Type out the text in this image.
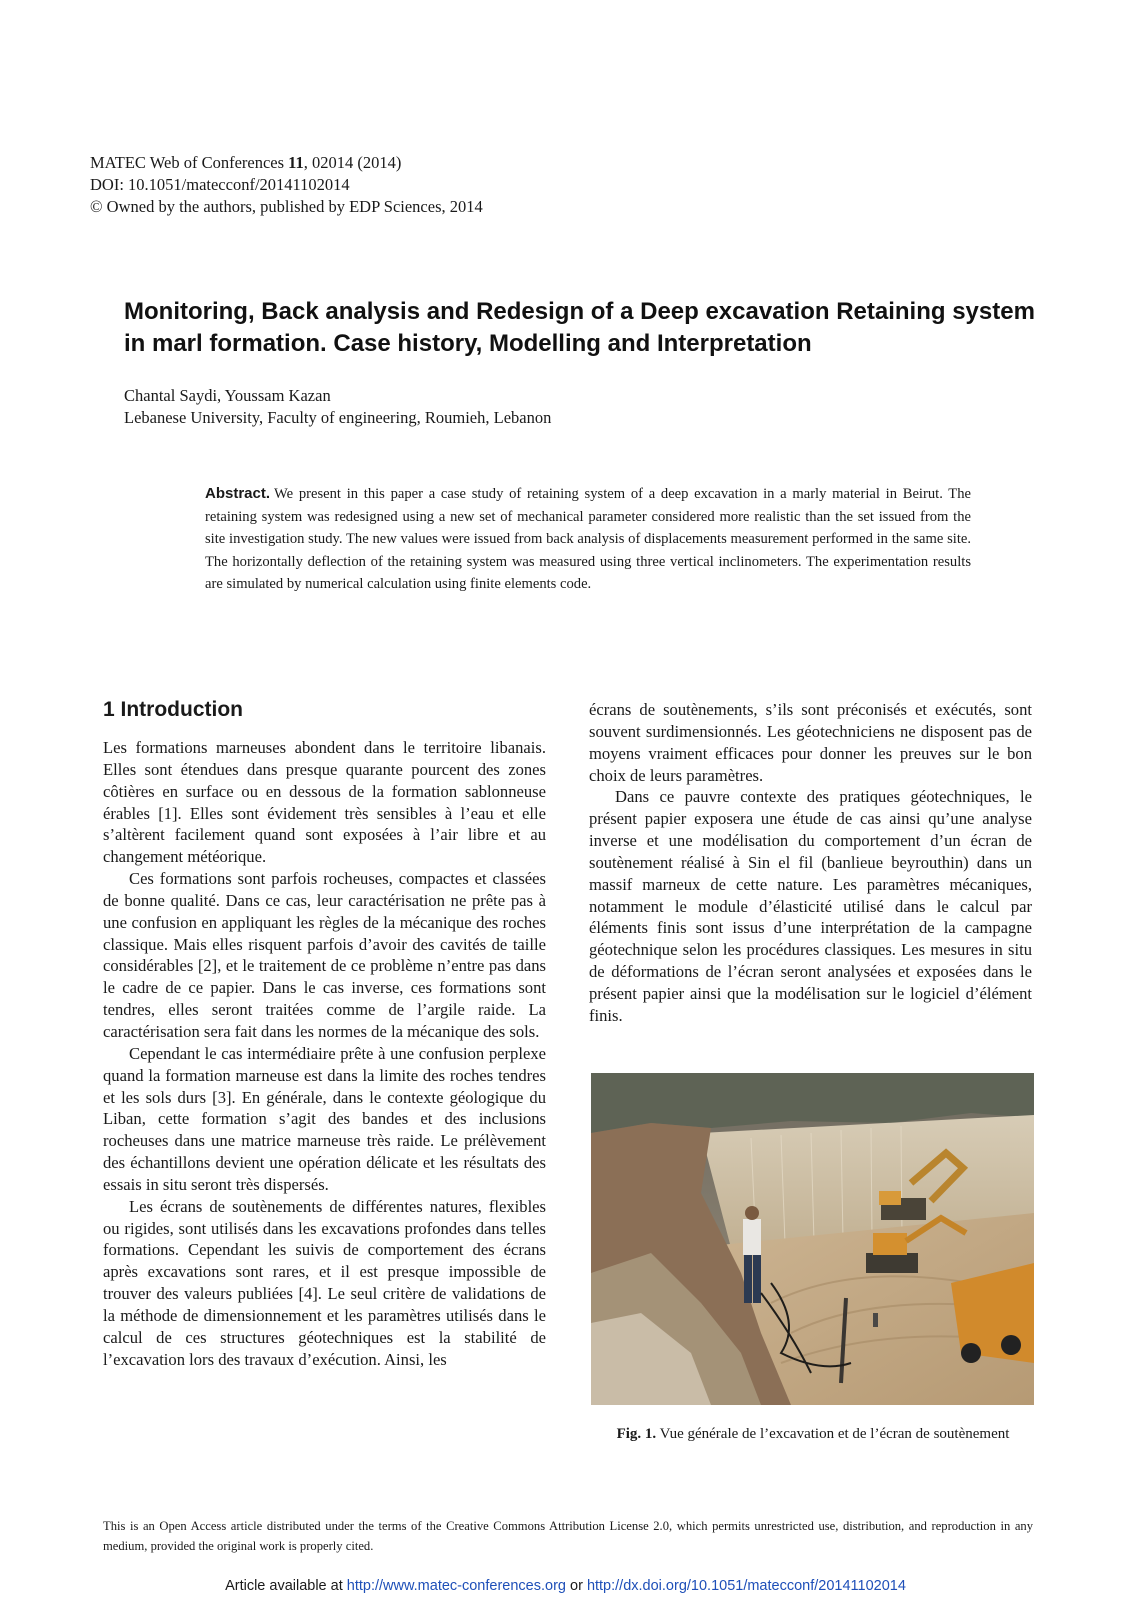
MATEC Web of Conferences 11, 02014 (2014)
DOI: 10.1051/matecconf/20141102014
© Owned by the authors, published by EDP Sciences, 2014
Monitoring, Back analysis and Redesign of a Deep excavation Retaining system in marl formation. Case history, Modelling and Interpretation
Chantal Saydi, Youssam Kazan
Lebanese University, Faculty of engineering, Roumieh, Lebanon
Abstract. We present in this paper a case study of retaining system of a deep excavation in a marly material in Beirut. The retaining system was redesigned using a new set of mechanical parameter considered more realistic than the set issued from the site investigation study. The new values were issued from back analysis of displacements measurement performed in the same site. The horizontally deflection of the retaining system was measured using three vertical inclinometers. The experimentation results are simulated by numerical calculation using finite elements code.
1 Introduction

Les formations marneuses abondent dans le territoire libanais. Elles sont étendues dans presque quarante pourcent des zones côtières en surface ou en dessous de la formation sablonneuse érables [1]. Elles sont évidement très sensibles à l’eau et elle s’altèrent facilement quand sont exposées à l’air libre et au changement météorique.

Ces formations sont parfois rocheuses, compactes et classées de bonne qualité. Dans ce cas, leur caractérisation ne prête pas à une confusion en appliquant les règles de la mécanique des roches classique. Mais elles risquent parfois d’avoir des cavités de taille considérables [2], et le traitement de ce problème n’entre pas dans le cadre de ce papier. Dans le cas inverse, ces formations sont tendres, elles seront traitées comme de l’argile raide. La caractérisation sera fait dans les normes de la mécanique des sols.

Cependant le cas intermédiaire prête à une confusion perplexe quand la formation marneuse est dans la limite des roches tendres et les sols durs [3]. En générale, dans le contexte géologique du Liban, cette formation s’agit des bandes et des inclusions rocheuses dans une matrice marneuse très raide. Le prélèvement des échantillons devient une opération délicate et les résultats des essais in situ seront très dispersés.

Les écrans de soutènements de différentes natures, flexibles ou rigides, sont utilisés dans les excavations profondes dans telles formations. Cependant les suivis de comportement des écrans après excavations sont rares, et il est presque impossible de trouver des valeurs publiées [4]. Le seul critère de validations de la méthode de dimensionnement et les paramètres utilisés dans le calcul de ces structures géotechniques est la stabilité de l’excavation lors des travaux d’exécution. Ainsi, les

écrans de soutènements, s’ils sont préconisés et exécutés, sont souvent surdimensionnés. Les géotechniciens ne disposent pas de moyens vraiment efficaces pour donner les preuves sur le bon choix de leurs paramètres.

Dans ce pauvre contexte des pratiques géotechniques, le présent papier exposera une étude de cas ainsi qu’une analyse inverse et une modélisation du comportement d’un écran de soutènement réalisé à Sin el fil (banlieue beyrouthin) dans un massif marneux de cette nature. Les paramètres mécaniques, notamment le module d’élasticité utilisé dans le calcul par éléments finis sont issus d’une interprétation de la campagne géotechnique selon les procédures classiques. Les mesures in situ de déformations de l’écran seront analysées et exposées dans le présent papier ainsi que la modélisation sur le logiciel d’élément finis.

Fig. 1. Vue générale de l’excavation et de l’écran de soutènement
This is an Open Access article distributed under the terms of the Creative Commons Attribution License 2.0, which permits unrestricted use, distribution, and reproduction in any medium, provided the original work is properly cited.
Article available at http://www.matec-conferences.org or http://dx.doi.org/10.1051/matecconf/20141102014
